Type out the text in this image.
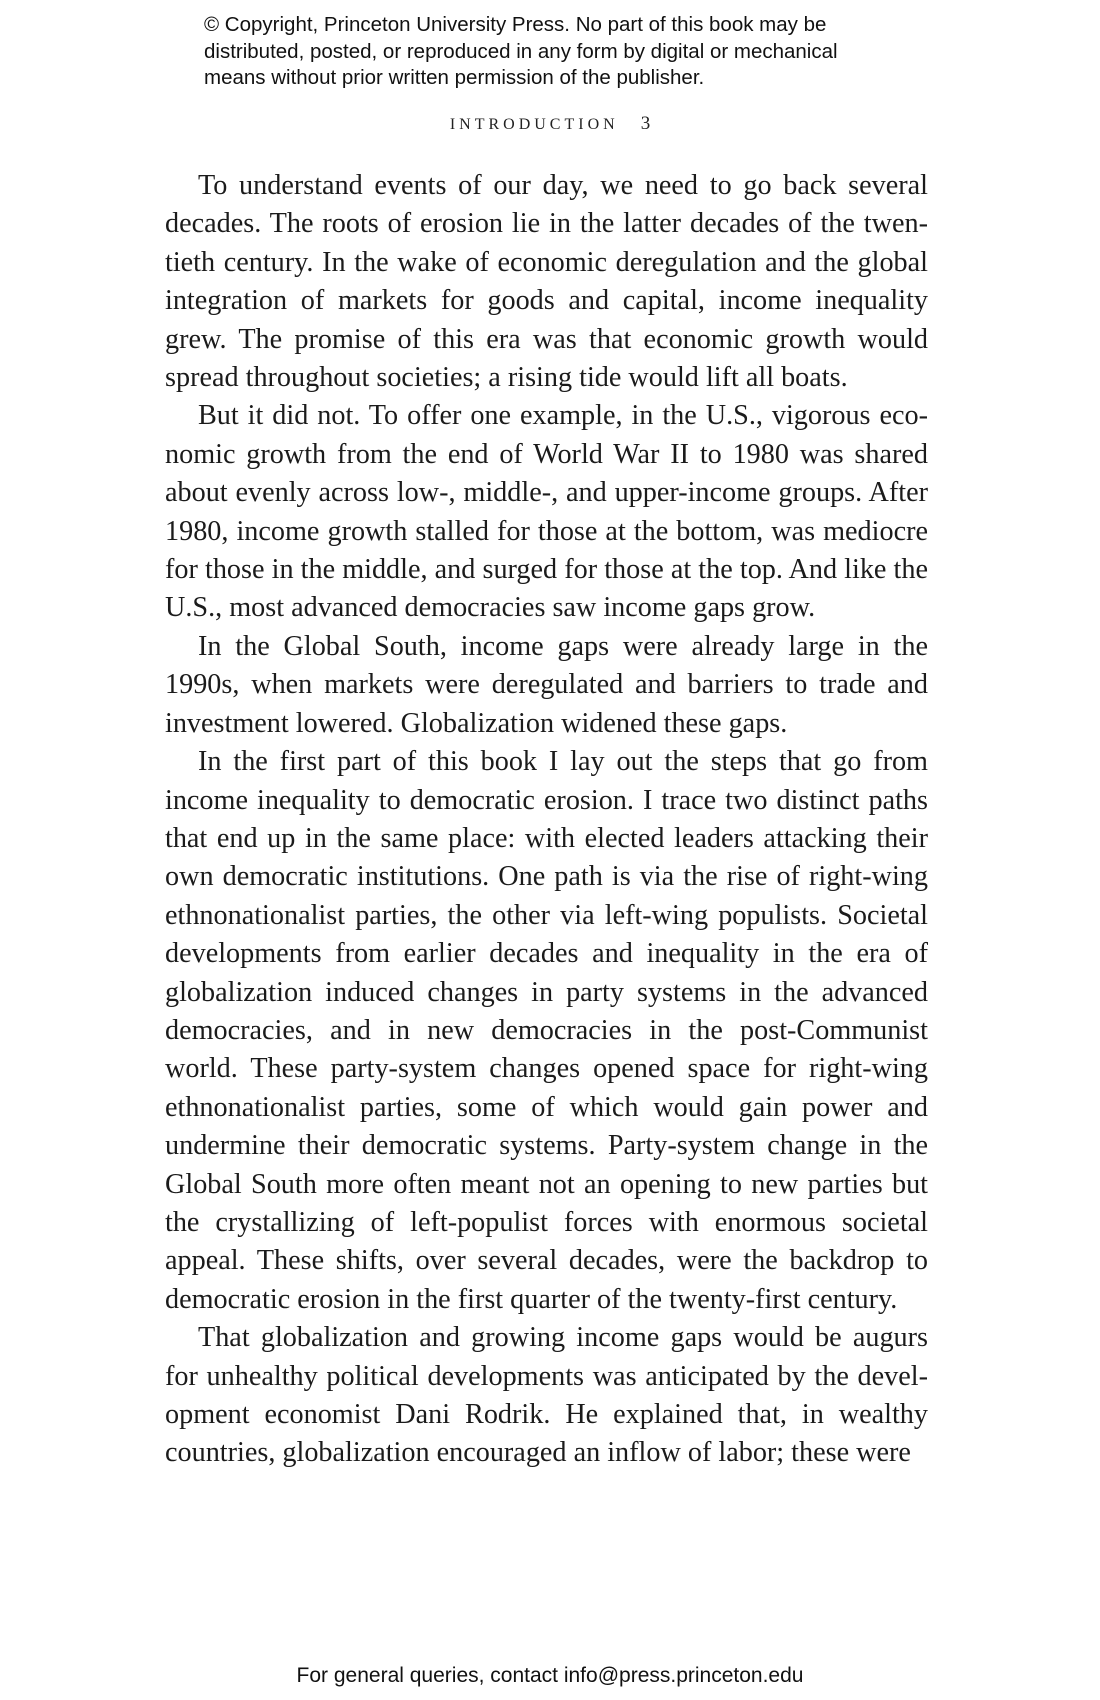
© Copyright, Princeton University Press. No part of this book may be
distributed, posted, or reproduced in any form by digital or mechanical
means without prior written permission of the publisher.
INTRODUCTION 3

To understand events of our day, we need to go back several decades. The roots of erosion lie in the latter decades of the twentieth century. In the wake of economic deregulation and the global integration of markets for goods and capital, income inequality grew. The promise of this era was that economic growth would spread throughout societies; a rising tide would lift all boats.

But it did not. To offer one example, in the U.S., vigorous economic growth from the end of World War II to 1980 was shared about evenly across low-, middle-, and upper-income groups. After 1980, income growth stalled for those at the bottom, was mediocre for those in the middle, and surged for those at the top. And like the U.S., most advanced democracies saw income gaps grow.

In the Global South, income gaps were already large in the 1990s, when markets were deregulated and barriers to trade and investment lowered. Globalization widened these gaps.

In the first part of this book I lay out the steps that go from income inequality to democratic erosion. I trace two distinct paths that end up in the same place: with elected leaders attacking their own democratic institutions. One path is via the rise of right-wing ethnonationalist parties, the other via left-wing populists. Societal developments from earlier decades and inequality in the era of globalization induced changes in party systems in the advanced democracies, and in new democracies in the post-Communist world. These party-system changes opened space for right-wing ethnonationalist parties, some of which would gain power and undermine their democratic systems. Party-system change in the Global South more often meant not an opening to new parties but the crystallizing of left-populist forces with enormous societal appeal. These shifts, over several decades, were the backdrop to democratic erosion in the first quarter of the twenty-first century.

That globalization and growing income gaps would be augurs for unhealthy political developments was anticipated by the development economist Dani Rodrik. He explained that, in wealthy countries, globalization encouraged an inflow of labor; these were

For general queries, contact info@press.princeton.edu
